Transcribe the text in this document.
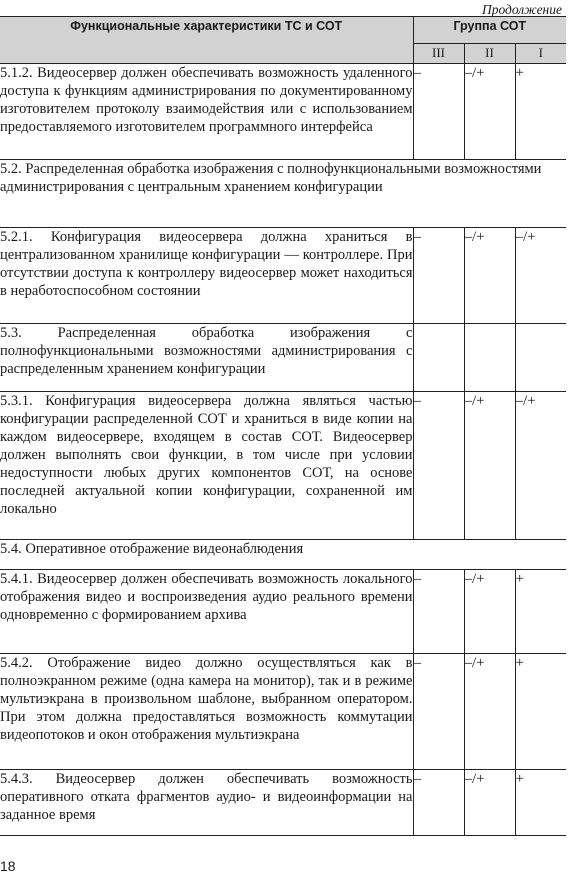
Продолжение
Функциональные характеристики ТС и СОТ	Группа СОТ		
	III	II	I
5.1.2. Видеосервер должен обеспечивать возможность удаленного доступа к функциям администрирования по документированному изготовителем протоколу взаимодействия или с использованием предоставляемого изготовителем программного интерфейса	–	–/+	+
5.2. Распределенная обработка изображения с полнофункциональными возможностями администрирования с центральным хранением конфигурации			
5.2.1. Конфигурация видеосервера должна храниться в централизованном хранилище конфигурации — контроллере. При отсутствии доступа к контроллеру видеосервер может находиться в неработоспособном состоянии	–	–/+	–/+
5.3. Распределенная обработка изображения с полнофункциональными возможностями администрирования с распределенным хранением конфигурации			
5.3.1. Конфигурация видеосервера должна являться частью конфигурации распределенной СОТ и храниться в виде копии на каждом видеосервере, входящем в состав СОТ. Видеосервер должен выполнять свои функции, в том числе при условии недоступности любых других компонентов СОТ, на основе последней актуальной копии конфигурации, сохраненной им локально	–	–/+	–/+
5.4. Оперативное отображение видеонаблюдения			
5.4.1. Видеосервер должен обеспечивать возможность локального отображения видео и воспроизведения аудио реального времени одновременно с формированием архива	–	–/+	+
5.4.2. Отображение видео должно осуществляться как в полноэкранном режиме (одна камера на монитор), так и в режиме мультиэкрана в произвольном шаблоне, выбранном оператором. При этом должна предоставляться возможность коммутации видеопотоков и окон отображения мультиэкрана	–	–/+	+
5.4.3. Видеосервер должен обеспечивать возможность оперативного отката фрагментов аудио- и видеоинформации на заданное время	–	–/+	+
18
